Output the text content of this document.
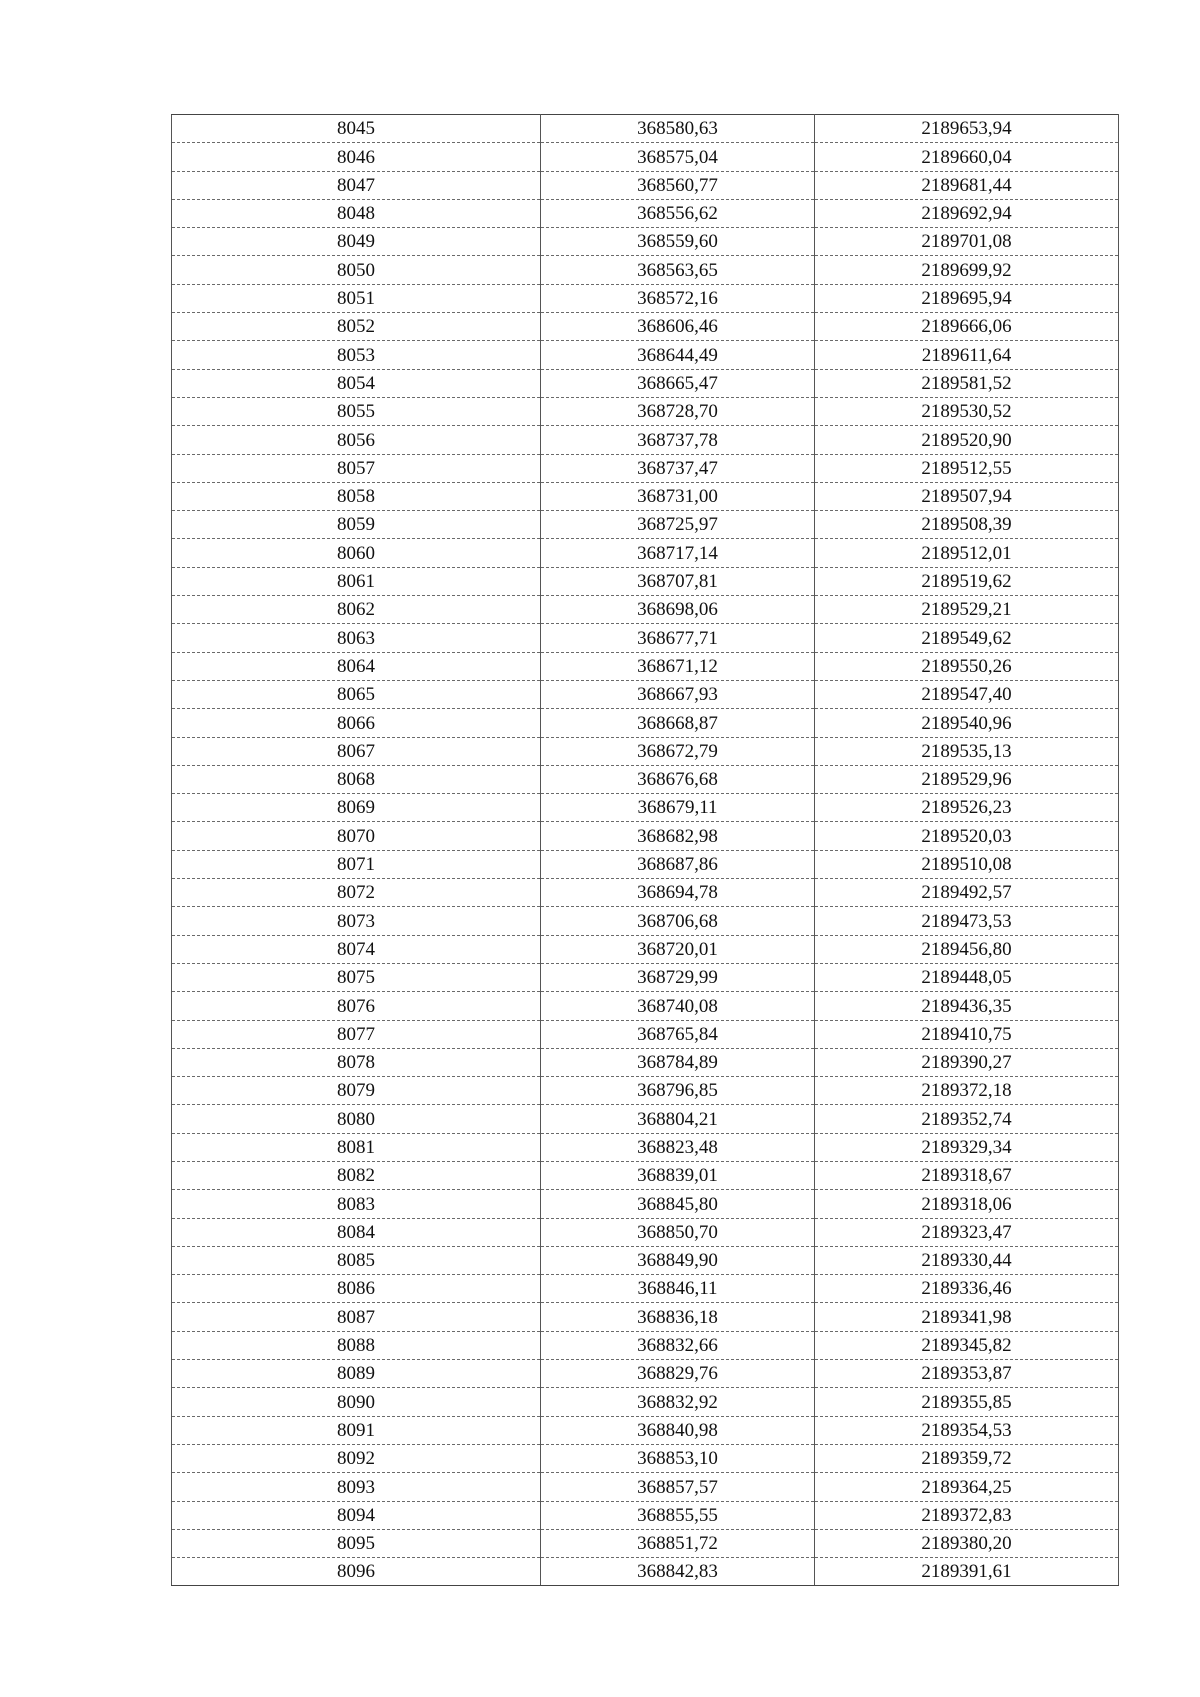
8045	368580,63	2189653,94
8046	368575,04	2189660,04
8047	368560,77	2189681,44
8048	368556,62	2189692,94
8049	368559,60	2189701,08
8050	368563,65	2189699,92
8051	368572,16	2189695,94
8052	368606,46	2189666,06
8053	368644,49	2189611,64
8054	368665,47	2189581,52
8055	368728,70	2189530,52
8056	368737,78	2189520,90
8057	368737,47	2189512,55
8058	368731,00	2189507,94
8059	368725,97	2189508,39
8060	368717,14	2189512,01
8061	368707,81	2189519,62
8062	368698,06	2189529,21
8063	368677,71	2189549,62
8064	368671,12	2189550,26
8065	368667,93	2189547,40
8066	368668,87	2189540,96
8067	368672,79	2189535,13
8068	368676,68	2189529,96
8069	368679,11	2189526,23
8070	368682,98	2189520,03
8071	368687,86	2189510,08
8072	368694,78	2189492,57
8073	368706,68	2189473,53
8074	368720,01	2189456,80
8075	368729,99	2189448,05
8076	368740,08	2189436,35
8077	368765,84	2189410,75
8078	368784,89	2189390,27
8079	368796,85	2189372,18
8080	368804,21	2189352,74
8081	368823,48	2189329,34
8082	368839,01	2189318,67
8083	368845,80	2189318,06
8084	368850,70	2189323,47
8085	368849,90	2189330,44
8086	368846,11	2189336,46
8087	368836,18	2189341,98
8088	368832,66	2189345,82
8089	368829,76	2189353,87
8090	368832,92	2189355,85
8091	368840,98	2189354,53
8092	368853,10	2189359,72
8093	368857,57	2189364,25
8094	368855,55	2189372,83
8095	368851,72	2189380,20
8096	368842,83	2189391,61
